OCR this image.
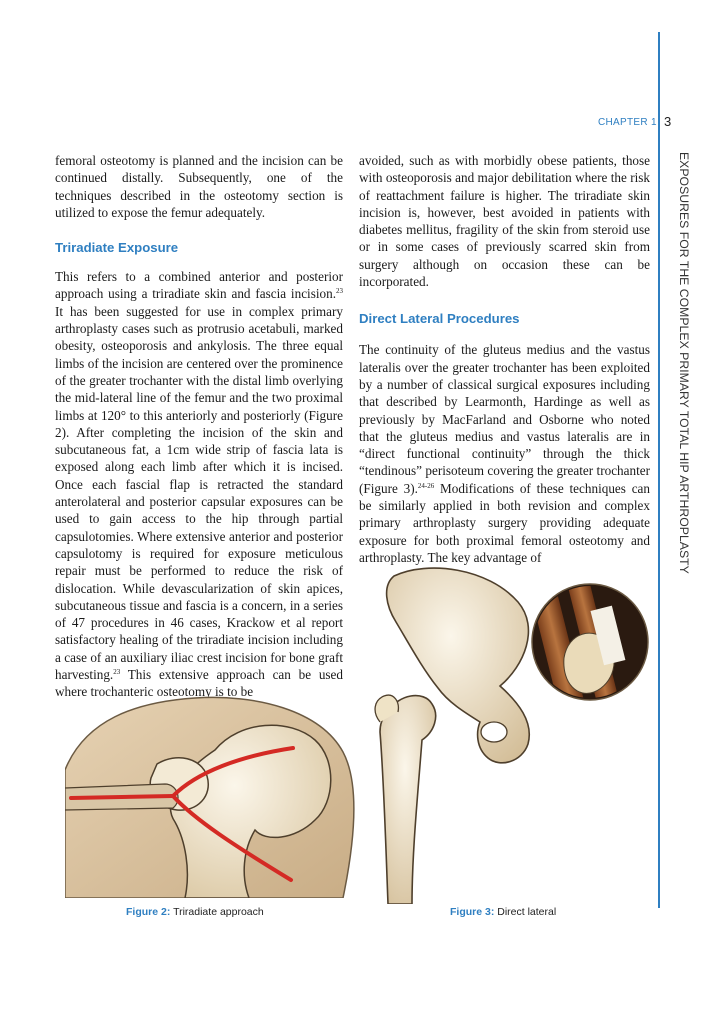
CHAPTER 1 3
EXPOSURES FOR THE COMPLEX PRIMARY TOTAL HIP ARTHROPLASTY

femoral osteotomy is planned and the incision can be continued distally. Subsequently, one of the techniques described in the osteotomy section is utilized to expose the femur adequately.

Triradiate Exposure

This refers to a combined anterior and posterior approach using a triradiate skin and fascia incision.$^{23}$ It has been suggested for use in complex primary arthroplasty cases such as protrusio acetabuli, marked obesity, osteoporosis and ankylosis. The three equal limbs of the incision are centered over the prominence of the greater trochanter with the distal limb overlying the mid-lateral line of the femur and the two proximal limbs at 120° to this anteriorly and posteriorly (Figure 2). After completing the incision of the skin and subcutaneous fat, a 1cm wide strip of fascia lata is exposed along each limb after which it is incised. Once each fascial flap is retracted the standard anterolateral and posterior capsular exposures can be used to gain access to the hip through partial capsulotomies. Where extensive anterior and posterior capsulotomy is required for exposure meticulous repair must be performed to reduce the risk of dislocation. While devascularization of skin apices, subcutaneous tissue and fascia is a concern, in a series of 47 procedures in 46 cases, Krackow et al report satisfactory healing of the triradiate incision including a case of an auxiliary iliac crest incision for bone graft harvesting.$^{23}$ This extensive approach can be used where trochanteric osteotomy is to be

avoided, such as with morbidly obese patients, those with osteoporosis and major debilitation where the risk of reattachment failure is higher. The triradiate skin incision is, however, best avoided in patients with diabetes mellitus, fragility of the skin from steroid use or in some cases of previously scarred skin from surgery although on occasion these can be incorporated.

Direct Lateral Procedures

The continuity of the gluteus medius and the vastus lateralis over the greater trochanter has been exploited by a number of classical surgical exposures including that described by Learmonth, Hardinge as well as previously by MacFarland and Osborne who noted that the gluteus medius and vastus lateralis are in “direct functional continuity” through the thick “tendinous” perisoteum covering the greater trochanter (Figure 3).$^{24-26}$ Modifications of these techniques can be similarly applied in both revision and complex primary arthroplasty surgery providing adequate exposure for both proximal femoral osteotomy and arthroplasty. The key advantage of

Figure 2: Triradiate approach	Figure 3: Direct lateral
